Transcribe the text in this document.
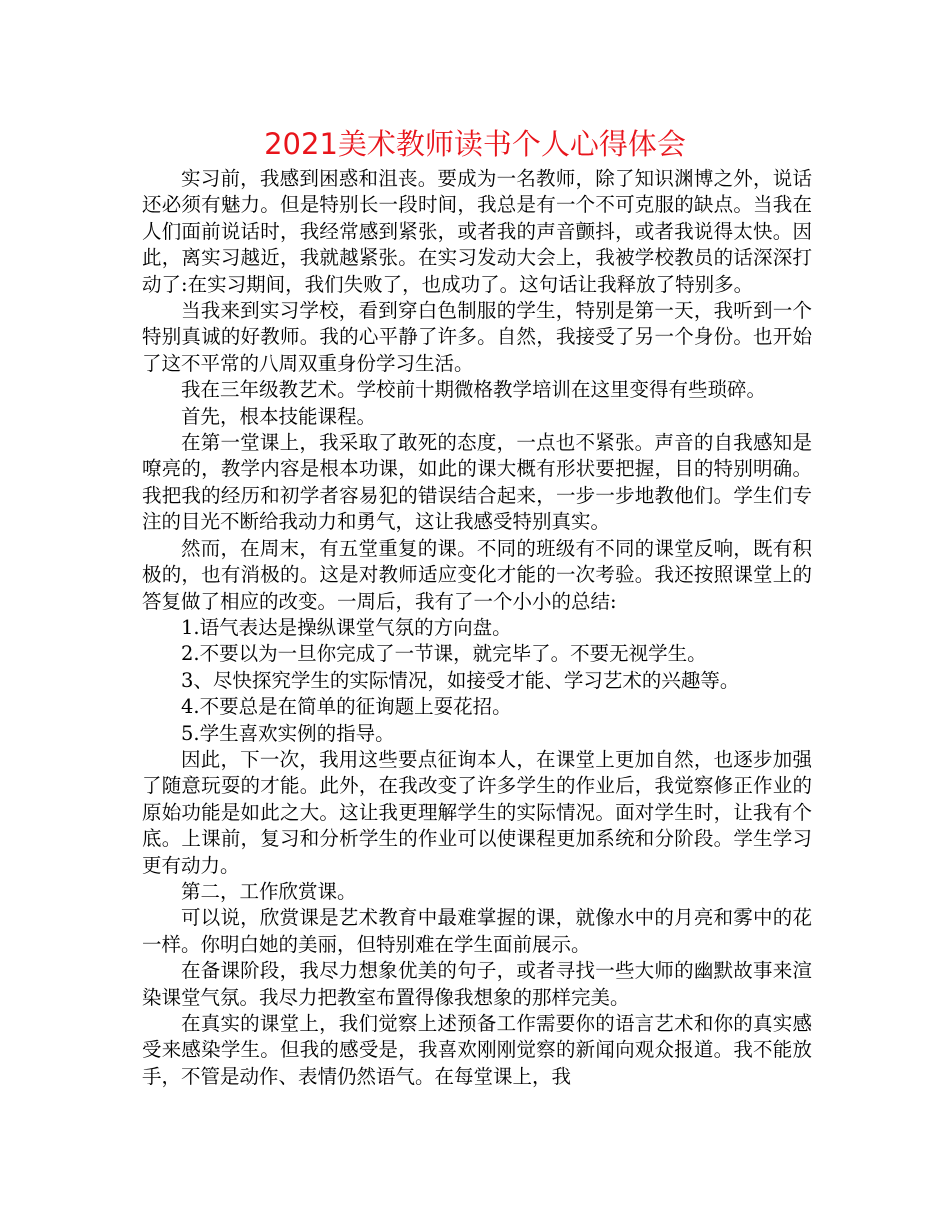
2021美术教师读书个人心得体会

实习前，我感到困惑和沮丧。要成为一名教师，除了知识渊博之外，说话还必须有魅力。但是特别长一段时间，我总是有一个不可克服的缺点。当我在人们面前说话时，我经常感到紧张，或者我的声音颤抖，或者我说得太快。因此，离实习越近，我就越紧张。在实习发动大会上，我被学校教员的话深深打动了:在实习期间，我们失败了，也成功了。这句话让我释放了特别多。

当我来到实习学校，看到穿白色制服的学生，特别是第一天，我听到一个特别真诚的好教师。我的心平静了许多。自然，我接受了另一个身份。也开始了这不平常的八周双重身份学习生活。

我在三年级教艺术。学校前十期微格教学培训在这里变得有些琐碎。

首先，根本技能课程。

在第一堂课上，我采取了敢死的态度，一点也不紧张。声音的自我感知是嘹亮的，教学内容是根本功课，如此的课大概有形状要把握，目的特别明确。我把我的经历和初学者容易犯的错误结合起来，一步一步地教他们。学生们专注的目光不断给我动力和勇气，这让我感受特别真实。

然而，在周末，有五堂重复的课。不同的班级有不同的课堂反响，既有积极的，也有消极的。这是对教师适应变化才能的一次考验。我还按照课堂上的答复做了相应的改变。一周后，我有了一个小小的总结:

1.语气表达是操纵课堂气氛的方向盘。

2.不要以为一旦你完成了一节课，就完毕了。不要无视学生。

3、尽快探究学生的实际情况，如接受才能、学习艺术的兴趣等。

4.不要总是在简单的征询题上耍花招。

5.学生喜欢实例的指导。

因此，下一次，我用这些要点征询本人，在课堂上更加自然，也逐步加强了随意玩耍的才能。此外，在我改变了许多学生的作业后，我觉察修正作业的原始功能是如此之大。这让我更理解学生的实际情况。面对学生时，让我有个底。上课前，复习和分析学生的作业可以使课程更加系统和分阶段。学生学习更有动力。

第二，工作欣赏课。

可以说，欣赏课是艺术教育中最难掌握的课，就像水中的月亮和雾中的花一样。你明白她的美丽，但特别难在学生面前展示。

在备课阶段，我尽力想象优美的句子，或者寻找一些大师的幽默故事来渲染课堂气氛。我尽力把教室布置得像我想象的那样完美。

在真实的课堂上，我们觉察上述预备工作需要你的语言艺术和你的真实感受来感染学生。但我的感受是，我喜欢刚刚觉察的新闻向观众报道。我不能放手，不管是动作、表情仍然语气。在每堂课上，我
